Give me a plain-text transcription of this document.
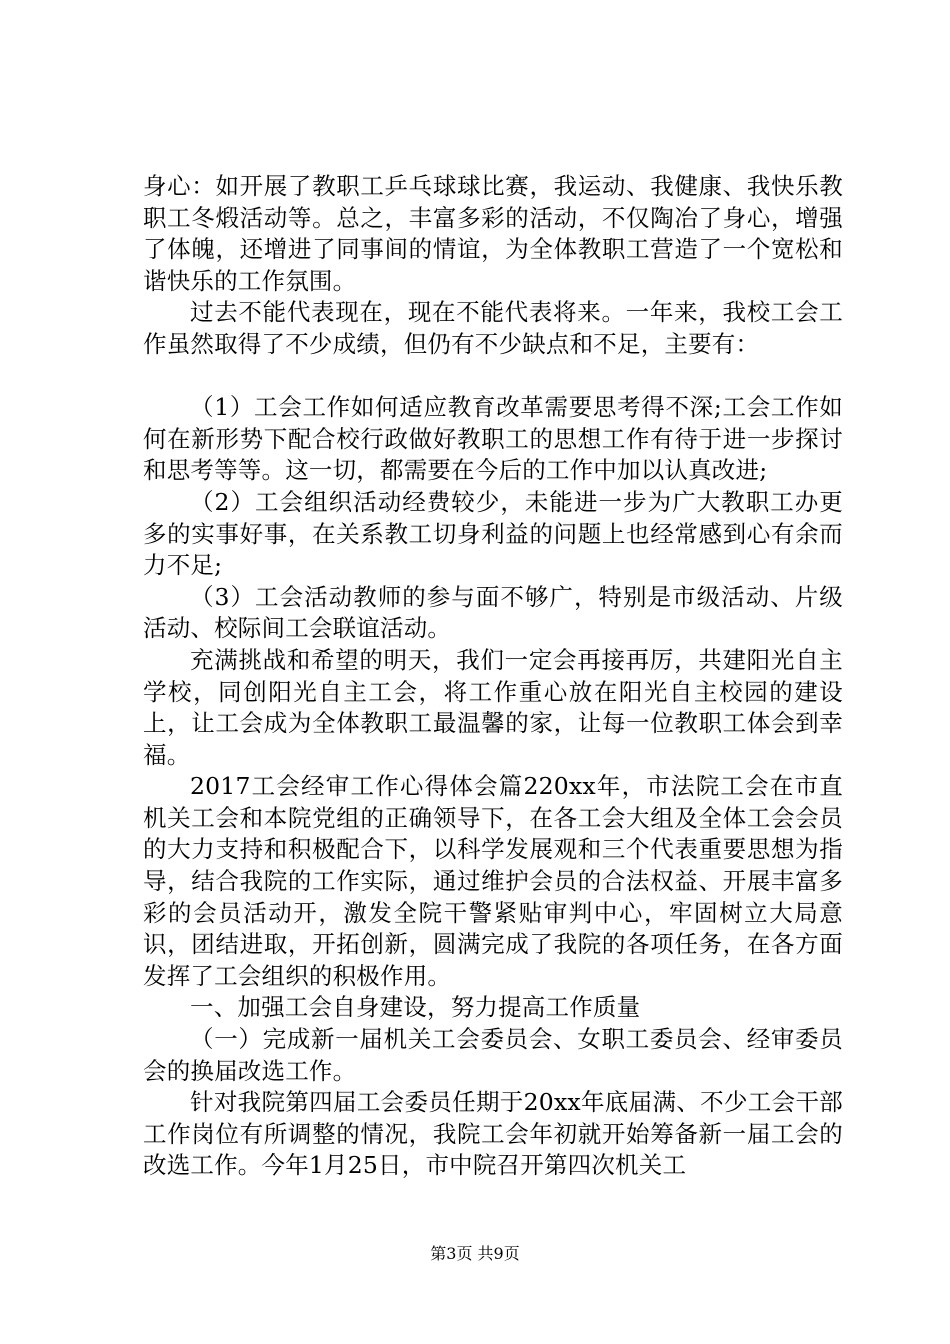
身心：如开展了教职工乒乓球球比赛，我运动、我健康、我快乐教职工冬煅活动等。总之，丰富多彩的活动，不仅陶冶了身心，增强了体魄，还增进了同事间的情谊，为全体教职工营造了一个宽松和谐快乐的工作氛围。

过去不能代表现在，现在不能代表将来。一年来，我校工会工作虽然取得了不少成绩，但仍有不少缺点和不足，主要有：

（1）工会工作如何适应教育改革需要思考得不深;工会工作如何在新形势下配合校行政做好教职工的思想工作有待于进一步探讨和思考等等。这一切，都需要在今后的工作中加以认真改进;

（2）工会组织活动经费较少，未能进一步为广大教职工办更多的实事好事，在关系教工切身利益的问题上也经常感到心有余而力不足;

（3）工会活动教师的参与面不够广，特别是市级活动、片级活动、校际间工会联谊活动。

充满挑战和希望的明天，我们一定会再接再厉，共建阳光自主学校，同创阳光自主工会，将工作重心放在阳光自主校园的建设上，让工会成为全体教职工最温馨的家，让每一位教职工体会到幸福。

2017工会经审工作心得体会篇220xx年，市法院工会在市直机关工会和本院党组的正确领导下，在各工会大组及全体工会会员的大力支持和积极配合下，以科学发展观和三个代表重要思想为指导，结合我院的工作实际，通过维护会员的合法权益、开展丰富多彩的会员活动开，激发全院干警紧贴审判中心，牢固树立大局意识，团结进取，开拓创新，圆满完成了我院的各项任务，在各方面发挥了工会组织的积极作用。

一、加强工会自身建设，努力提高工作质量

（一）完成新一届机关工会委员会、女职工委员会、经审委员会的换届改选工作。

针对我院第四届工会委员任期于20xx年底届满、不少工会干部工作岗位有所调整的情况，我院工会年初就开始筹备新一届工会的改选工作。今年1月25日，市中院召开第四次机关工

第3页 共9页
